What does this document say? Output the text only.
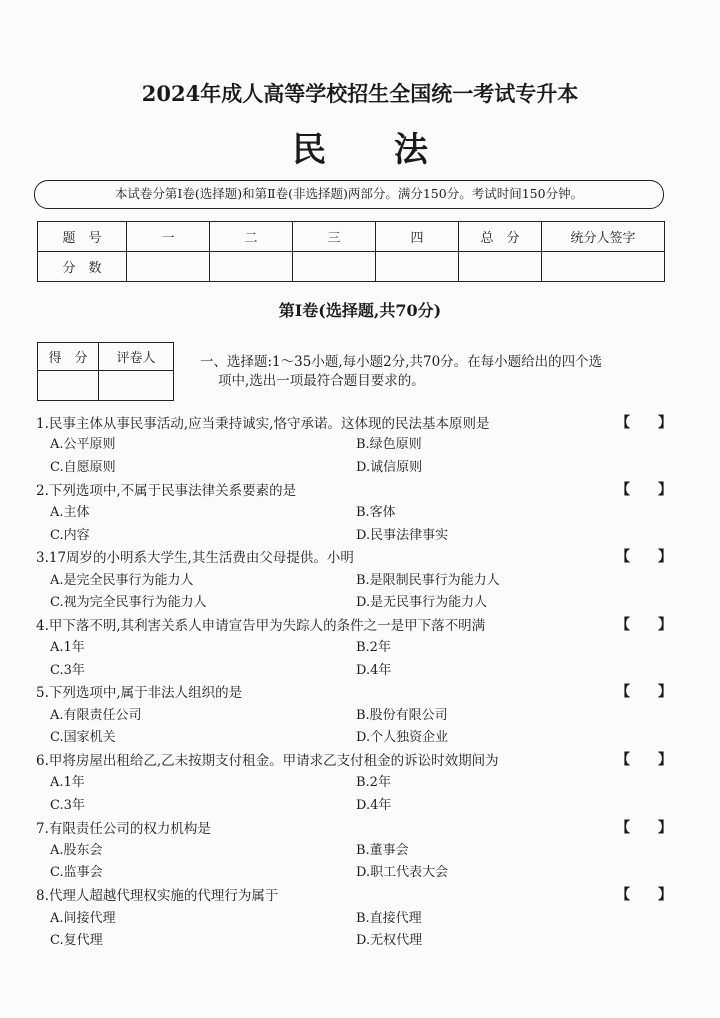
2024年成人高等学校招生全国统一考试专升本
民 法
本试卷分第Ⅰ卷(选择题)和第Ⅱ卷(非选择题)两部分。满分150分。考试时间150分钟。
题　号	一	二	三	四	总　分	统分人签字
分　数						
第Ⅰ卷(选择题,共70分)
得　分	评卷人
		一、选择题:1～35小题,每小题2分,共70分。在每小题给出的四个选
项中,选出一项最符合题目要求的。
1.民事主体从事民事活动,应当秉持诚实,恪守承诺。这体现的民法基本原则是	【　　】
A.公平原则	B.绿色原则
C.自愿原则	D.诚信原则
2.下列选项中,不属于民事法律关系要素的是	【　　】
A.主体	B.客体
C.内容	D.民事法律事实
3.17周岁的小明系大学生,其生活费由父母提供。小明	【　　】
A.是完全民事行为能力人	B.是限制民事行为能力人
C.视为完全民事行为能力人	D.是无民事行为能力人
4.甲下落不明,其利害关系人申请宣告甲为失踪人的条件之一是甲下落不明满	【　　】
A.1年	B.2年
C.3年	D.4年
5.下列选项中,属于非法人组织的是	【　　】
A.有限责任公司	B.股份有限公司
C.国家机关	D.个人独资企业
6.甲将房屋出租给乙,乙未按期支付租金。甲请求乙支付租金的诉讼时效期间为	【　　】
A.1年	B.2年
C.3年	D.4年
7.有限责任公司的权力机构是	【　　】
A.股东会	B.董事会
C.监事会	D.职工代表大会
8.代理人超越代理权实施的代理行为属于	【　　】
A.间接代理	B.直接代理
C.复代理	D.无权代理
